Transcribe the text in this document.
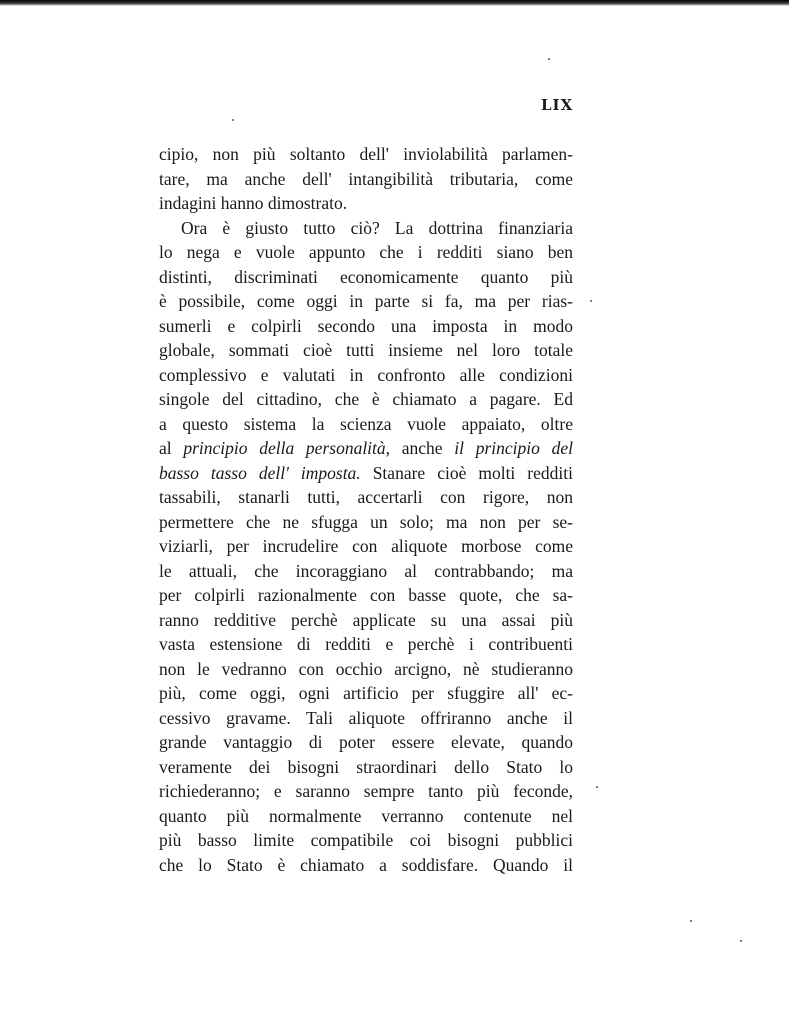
LIX
cipio, non più soltanto dell' inviolabilità parlamen-
tare, ma anche dell' intangibilità tributaria, come
indagini hanno dimostrato.
Ora è giusto tutto ciò? La dottrina finanziaria
lo nega e vuole appunto che i redditi siano ben
distinti, discriminati economicamente quanto più
è possibile, come oggi in parte si fa, ma per rias-
sumerli e colpirli secondo una imposta in modo
globale, sommati cioè tutti insieme nel loro totale
complessivo e valutati in confronto alle condizioni
singole del cittadino, che è chiamato a pagare. Ed
a questo sistema la scienza vuole appaiato, oltre
al principio della personalità, anche il principio del
basso tasso dell' imposta. Stanare cioè molti redditi
tassabili, stanarli tutti, accertarli con rigore, non
permettere che ne sfugga un solo; ma non per se-
viziarli, per incrudelire con aliquote morbose come
le attuali, che incoraggiano al contrabbando; ma
per colpirli razionalmente con basse quote, che sa-
ranno redditive perchè applicate su una assai più
vasta estensione di redditi e perchè i contribuenti
non le vedranno con occhio arcigno, nè studieranno
più, come oggi, ogni artificio per sfuggire all' ec-
cessivo gravame. Tali aliquote offriranno anche il
grande vantaggio di poter essere elevate, quando
veramente dei bisogni straordinari dello Stato lo
richiederanno; e saranno sempre tanto più feconde,
quanto più normalmente verranno contenute nel
più basso limite compatibile coi bisogni pubblici
che lo Stato è chiamato a soddisfare. Quando il
